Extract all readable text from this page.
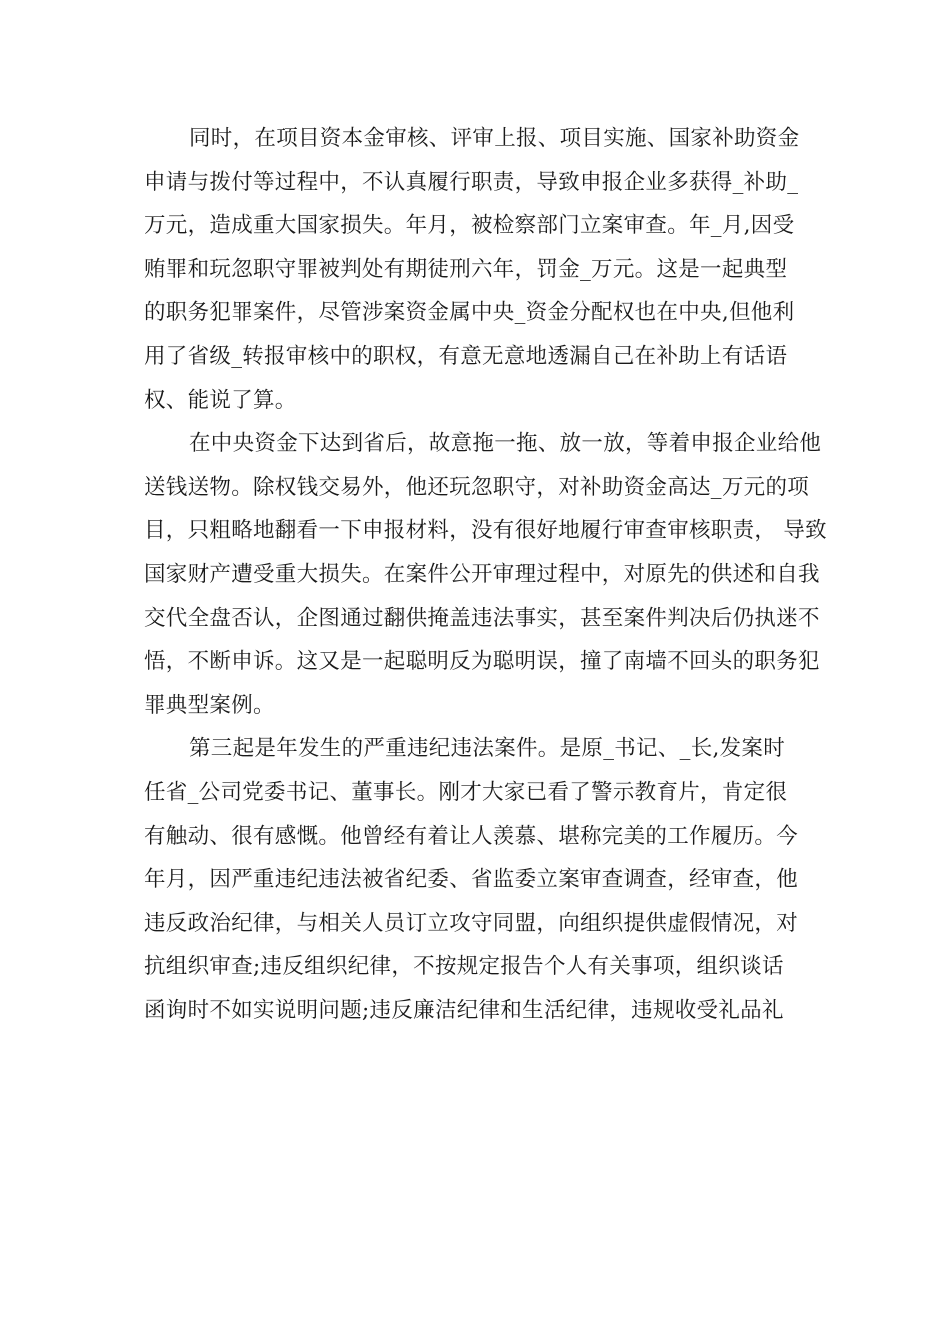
同时，在项目资本金审核、评审上报、项目实施、国家补助资金
申请与拨付等过程中，不认真履行职责，导致申报企业多获得_补助_
万元，造成重大国家损失。年月，被检察部门立案审查。年_月,因受
贿罪和玩忽职守罪被判处有期徒刑六年，罚金_万元。这是一起典型
的职务犯罪案件，尽管涉案资金属中央_资金分配权也在中央,但他利
用了省级_转报审核中的职权，有意无意地透漏自己在补助上有话语
权、能说了算。

在中央资金下达到省后，故意拖一拖、放一放，等着申报企业给他
送钱送物。除权钱交易外，他还玩忽职守，对补助资金高达_万元的项
目，只粗略地翻看一下申报材料，没有很好地履行审查审核职责， 导致
国家财产遭受重大损失。在案件公开审理过程中，对原先的供述和自我
交代全盘否认，企图通过翻供掩盖违法事实，甚至案件判决后仍执迷不
悟，不断申诉。这又是一起聪明反为聪明误，撞了南墙不回头的职务犯
罪典型案例。

第三起是年发生的严重违纪违法案件。是原_书记、_长,发案时
任省_公司党委书记、董事长。刚才大家已看了警示教育片，肯定很
有触动、很有感慨。他曾经有着让人羡慕、堪称完美的工作履历。今
年月，因严重违纪违法被省纪委、省监委立案审查调查，经审查，他
违反政治纪律，与相关人员订立攻守同盟，向组织提供虚假情况，对
抗组织审查;违反组织纪律，不按规定报告个人有关事项，组织谈话
函询时不如实说明问题;违反廉洁纪律和生活纪律，违规收受礼品礼
